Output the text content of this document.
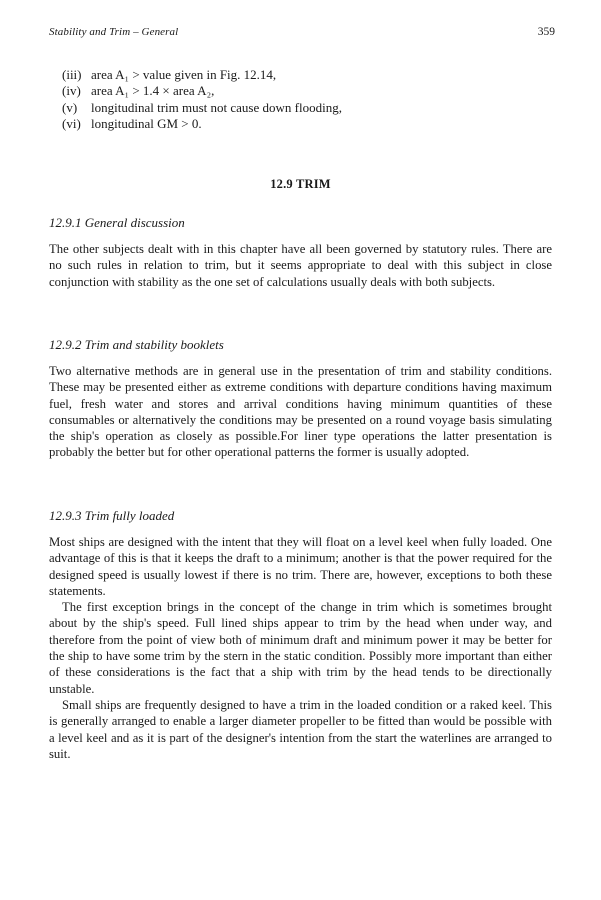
Stability and Trim – General	359
(iii) area A₁ > value given in Fig. 12.14,
(iv) area A₁ > 1.4 × area A₂,
(v)	longitudinal trim must not cause down flooding,
(vi) longitudinal GM > 0.
12.9 TRIM
12.9.1 General discussion

The other subjects dealt with in this chapter have all been governed by statutory rules. There are no such rules in relation to trim, but it seems appropriate to deal with this subject in close conjunction with stability as the one set of calculations usually deals with both subjects.

12.9.2 Trim and stability booklets

Two alternative methods are in general use in the presentation of trim and stability conditions. These may be presented either as extreme conditions with departure conditions having maximum fuel, fresh water and stores and arrival conditions having minimum quantities of these consumables or alternatively the conditions may be presented on a round voyage basis simulating the ship's operation as closely as possible.For liner type operations the latter presentation is probably the better but for other operational patterns the former is usually adopted.

12.9.3 Trim fully loaded

Most ships are designed with the intent that they will float on a level keel when fully loaded. One advantage of this is that it keeps the draft to a minimum; another is that the power required for the designed speed is usually lowest if there is no trim. There are, however, exceptions to both these statements.

The first exception brings in the concept of the change in trim which is sometimes brought about by the ship's speed. Full lined ships appear to trim by the head when under way, and therefore from the point of view both of minimum draft and minimum power it may be better for the ship to have some trim by the stern in the static condition. Possibly more important than either of these considerations is the fact that a ship with trim by the head tends to be directionally unstable.

Small ships are frequently designed to have a trim in the loaded condition or a raked keel. This is generally arranged to enable a larger diameter propeller to be fitted than would be possible with a level keel and as it is part of the designer's intention from the start the waterlines are arranged to suit.
